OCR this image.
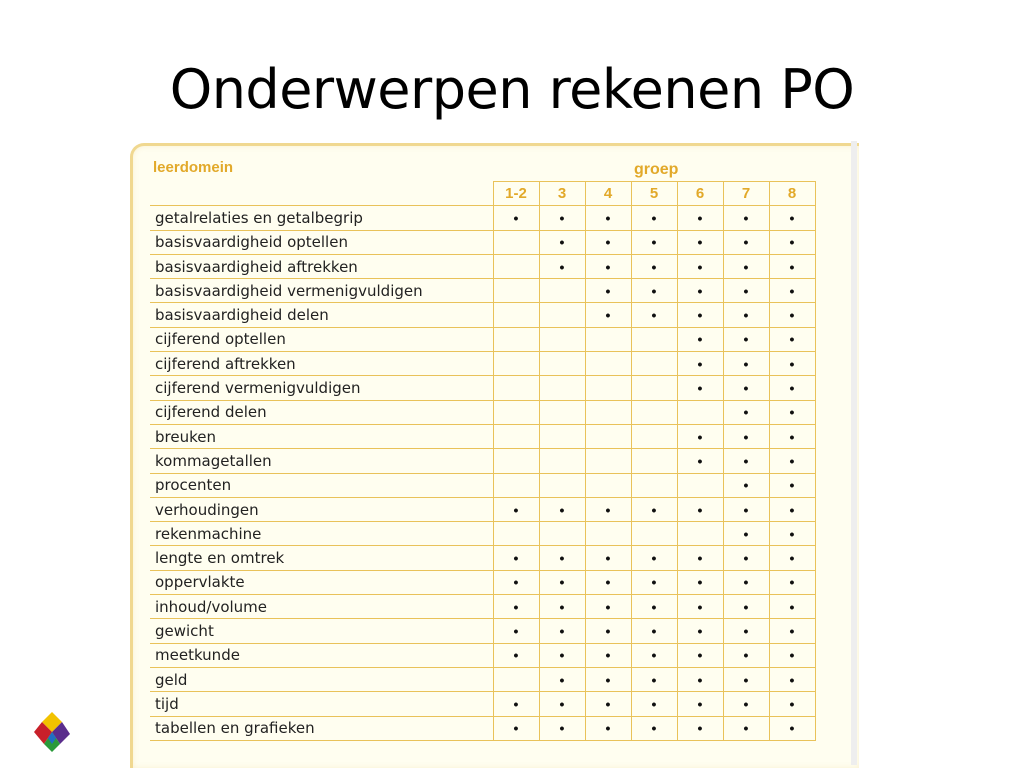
Onderwerpen rekenen PO
leerdomein	groep
	1-2	3	4	5	6	7	8
getalrelaties en getalbegrip	•	•	•	•	•	•	•
basisvaardigheid optellen		•	•	•	•	•	•
basisvaardigheid aftrekken		•	•	•	•	•	•
basisvaardigheid vermenigvuldigen			•	•	•	•	•
basisvaardigheid delen			•	•	•	•	•
cijferend optellen					•	•	•
cijferend aftrekken					•	•	•
cijferend vermenigvuldigen					•	•	•
cijferend delen						•	•
breuken					•	•	•
kommagetallen					•	•	•
procenten						•	•
verhoudingen	•	•	•	•	•	•	•
rekenmachine						•	•
lengte en omtrek	•	•	•	•	•	•	•
oppervlakte	•	•	•	•	•	•	•
inhoud/volume	•	•	•	•	•	•	•
gewicht	•	•	•	•	•	•	•
meetkunde	•	•	•	•	•	•	•
geld		•	•	•	•	•	•
tijd	•	•	•	•	•	•	•
tabellen en grafieken	•	•	•	•	•	•	•
